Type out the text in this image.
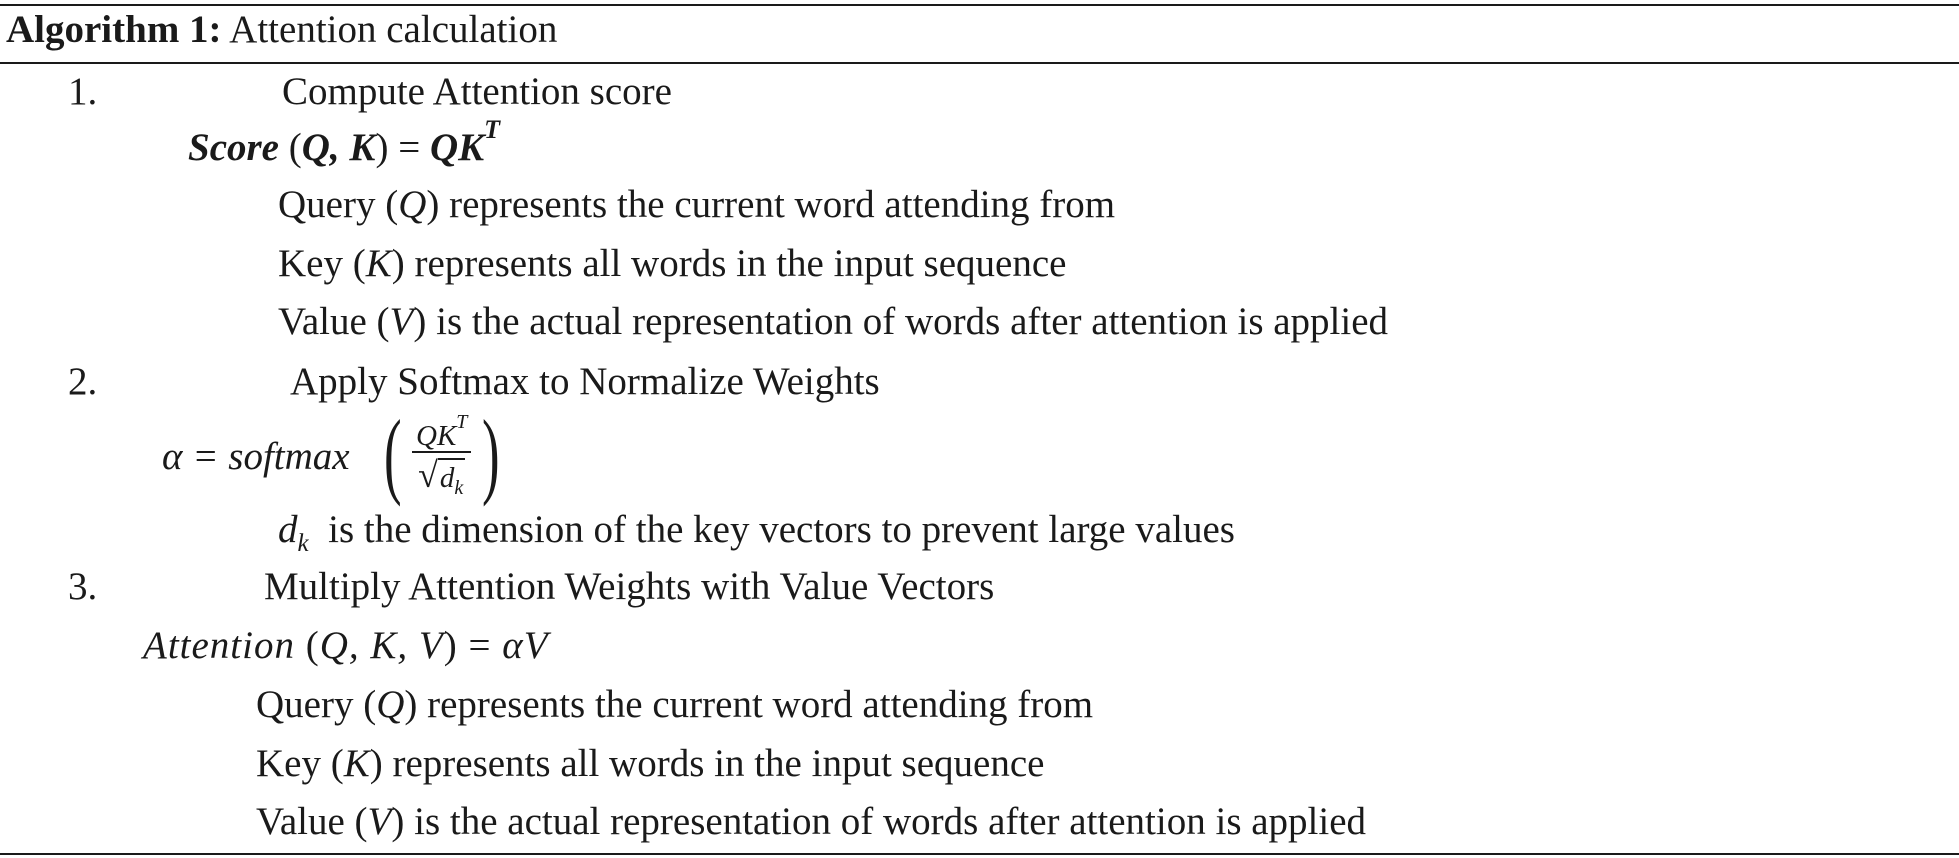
Algorithm 1: Attention calculation
1.	Compute Attention score
Score (Q, $K) = QK^T$
Query (Q) represents the current word attending from
Key (K) represents all words in the input sequence
Value (V) is the actual representation of words after attention is applied
2.	Apply Softmax to Normalize Weights
α = softmax ( $QK^T$
$√d_k$ )
$d_k$ is the dimension of the key vectors to prevent large values
3.	Multiply Attention Weights with Value Vectors
Attention (Q, K, V) = αV
Query (Q) represents the current word attending from
Key (K) represents all words in the input sequence
Value (V) is the actual representation of words after attention is applied
